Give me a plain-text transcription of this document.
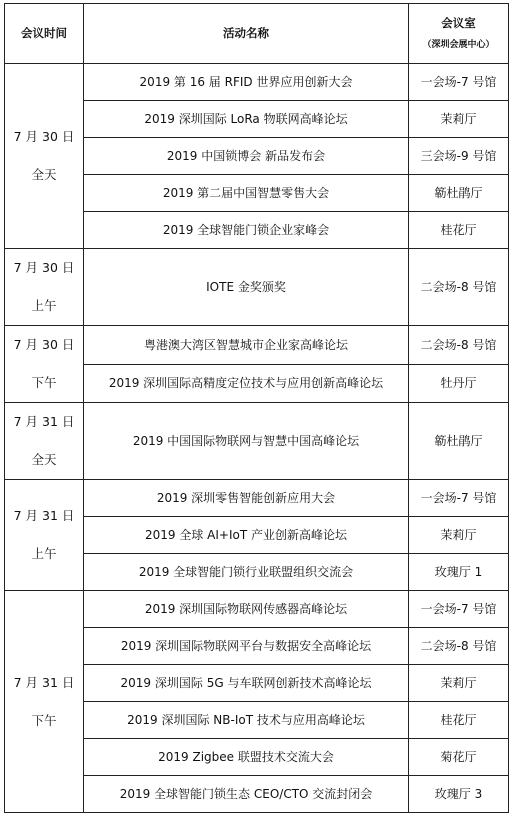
会议时间	活动名称	会议室
（深圳会展中心）

7 月 30 日
全天	2019 第 16 届 RFID 世界应用创新大会	一会场-7 号馆
	2019 深圳国际 LoRa 物联网高峰论坛	茉莉厅
	2019 中国锁博会 新品发布会	三会场-9 号馆
	2019 第二届中国智慧零售大会	簕杜鹃厅
	2019 全球智能门锁企业家峰会	桂花厅

7 月 30 日
上午	IOTE 金奖颁奖	二会场-8 号馆

7 月 30 日
下午	粤港澳大湾区智慧城市企业家高峰论坛	二会场-8 号馆
	2019 深圳国际高精度定位技术与应用创新高峰论坛	牡丹厅

7 月 31 日
全天	2019 中国国际物联网与智慧中国高峰论坛	簕杜鹃厅

7 月 31 日
上午	2019 深圳零售智能创新应用大会	一会场-7 号馆
	2019 全球 AI+IoT 产业创新高峰论坛	茉莉厅
	2019 全球智能门锁行业联盟组织交流会	玫瑰厅 1

7 月 31 日
下午	2019 深圳国际物联网传感器高峰论坛	一会场-7 号馆
	2019 深圳国际物联网平台与数据安全高峰论坛	二会场-8 号馆
	2019 深圳国际 5G 与车联网创新技术高峰论坛	茉莉厅
	2019 深圳国际 NB-IoT 技术与应用高峰论坛	桂花厅
	2019 Zigbee 联盟技术交流大会	菊花厅
	2019 全球智能门锁生态 CEO/CTO 交流封闭会	玫瑰厅 3
